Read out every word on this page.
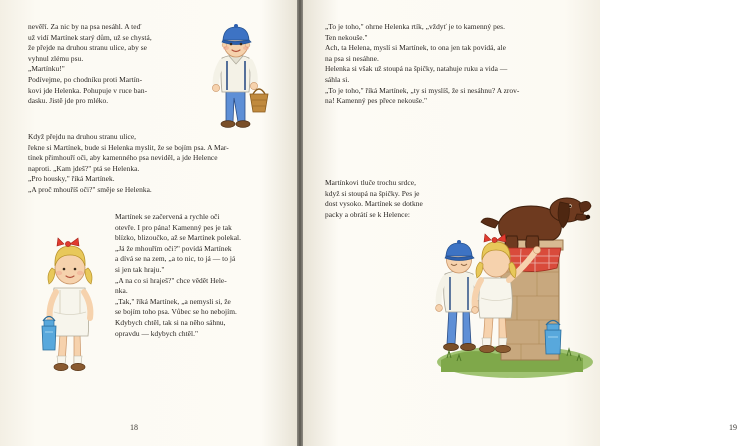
nevěří. Za nic by na psa nesáhl. A teď

už vidí Martínek starý dům, už se chystá,

že přejde na druhou stranu ulice, aby se

vyhnul zlému psu.

„Martínku!"

Podívejme, po chodníku proti Martín-

kovi jde Helenka. Pohupuje v ruce ban-

dasku. Jistě jde pro mléko.

Když přejdu na druhou stranu ulice,

řekne si Martínek, bude si Helenka myslit, že se bojím psa. A Mar-

tínek přimhouří oči, aby kamenného psa neviděl, a jde Helence

naproti. „Kam jdeš?" ptá se Helenka.

„Pro housky," říká Martínek.

„A proč mhouříš oči?" směje se Helenka.

Martínek se začervená a rychle oči

otevře. I pro pána! Kamenný pes je tak

blízko, blizoučko, až se Martínek polekal.

„Já že mhouřím oči?" povídá Martínek

a dívá se na zem, „a to nic, to já — to já

si jen tak hraju."

„A na co si hraješ?" chce vědět Hele-

nka.

„Tak," říká Martínek, „a nemysli si, že

se bojím toho psa. Vůbec se ho nebojím.

Kdybych chtěl, tak si na něho sáhnu,

opravdu — kdybych chtěl."

18

„To je toho," ohrne Helenka rtík, „vždyť je to kamenný pes.

Ten nekouše."

Ach, ta Helena, myslí si Martínek, to ona jen tak povídá, ale

na psa si nesáhne.

Helenka si však už stoupá na špičky, natahuje ruku a vida —

sáhla si.

„To je toho," říká Martínek, „ty si myslíš, že si nesáhnu? A zrov-

na! Kamenný pes přece nekouše."

Martínkovi tluče trochu srdce,

když si stoupá na špičky. Pes je

dost vysoko. Martínek se dotkne

packy a obrátí se k Helence:

19
